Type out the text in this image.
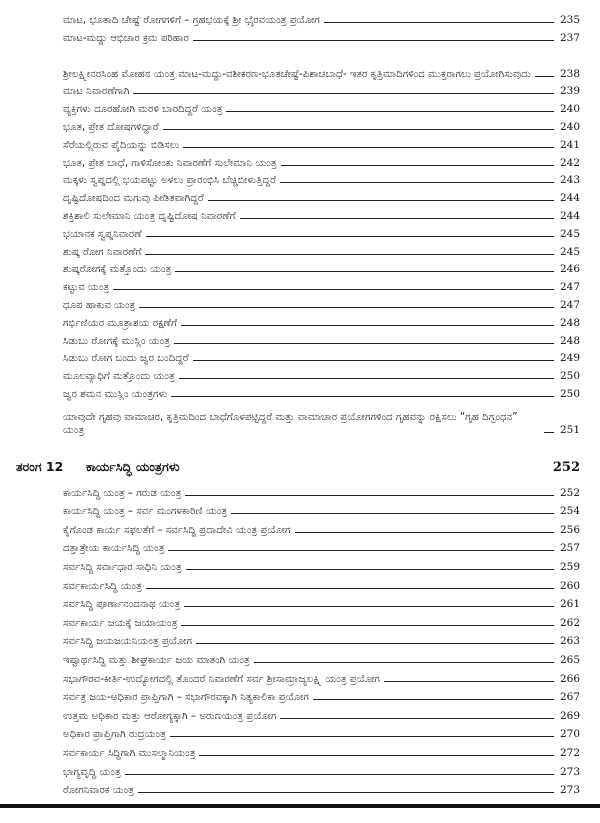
ಮಾಟ, ಭೂತಾದಿ ಚೇಷ್ಟೆ ರೋಗಗಳಿಗೆ – ಗ್ರಹಭಯಕ್ಕೆ ಶ್ರೀ ಭೈರವಯಂತ್ರ ಪ್ರಯೋಗ	235
ಮಾಟ-ಮದ್ದು ಆಭಿಚಾರ ಕ್ರಮ ಪರಿಹಾರ	237
ಶ್ರೀಲಕ್ಷ್ಮೀನರಸಿಂಹ ಮೋಹನ ಯಂತ್ರ ಮಾಟ-ಮದ್ದು-ವಶೀಕರಣ-ಭೂತಚೇಷ್ಟೆ-ಪಿಶಾಚಬಾಧೆ- ಇತರ ಕೃತ್ರಿಮಾದಿಗಳಿಂದ ಮುಕ್ತರಾಗಲು ಪ್ರಯೋಗಿಸುವುದು	238
ಮಾಟ ನಿವಾರಣೆಗಾಗಿ	239
ವ್ಯಕ್ತಿಗಳು ದೂರಹೋಗಿ ಮರಳಿ ಬಾರದಿದ್ದರೆ ಯಂತ್ರ	240
ಭೂತ, ಪ್ರೇತ ದೋಷಗಳಿದ್ದಾರೆ	240
ಸೆರೆಯಲ್ಲಿರುವ ಪೈದಿಯನ್ನು ಬಿಡಿಸಲು	241
ಭೂತ, ಪ್ರೇತ ಬಾಧೆ, ಗಾಳಿಸೋಂಕು ನಿವಾರಣೆಗೆ ಸುಲೇಮಾನಿ ಯಂತ್ರ	242
ಮಕ್ಕಳು ಸ್ವಪ್ನದಲ್ಲಿ ಭಯಪಟ್ಟು ಅಳಲು ಪ್ರಾರಂಭಿಸಿ ಬೆಚ್ಚಿಬೀಳುತ್ತಿದ್ದರೆ	243
ದೃಷ್ಟಿದೋಷದಿಂದ ಮಗುವು ಪೀಡಿತವಾಗಿದ್ದರೆ	244
ಶಕ್ತಿಶಾಲಿ ಸುಲೇಮಾನಿ ಯಂತ್ರ ದೃಷ್ಟಿದೋಷ ನಿವಾರಣೆಗೆ	244
ಭಯಾನಕ ಸ್ವಪ್ನನಿವಾರಣೆ	245
ಶುಷ್ಕ ರೋಗ ನಿವಾರಣೆಗೆ	245
ಶುಷ್ಕರೋಗಕ್ಕೆ ಮತ್ತೊಂದು ಯಂತ್ರ	246
ಕಟ್ಟುವ ಯಂತ್ರ	247
ಧೂಪ ಹಾಕುವ ಯಂತ್ರ	247
ಗರ್ಭಿಣಿಯರ ಮೂತ್ರಾಶಯ ರಕ್ಷಣೆಗೆ	248
ಸಿಡುಬು ರೋಗಕ್ಕೆ ಮುಸ್ಲಿಂ ಯಂತ್ರ	248
ಸಿಡುಬು ರೋಗ ಬಂದು ಜ್ವರ ಬಂದಿದ್ದರೆ	249
ಮೂಲವ್ಯಾಧಿಗೆ ಮತ್ತೊಂದು ಯಂತ್ರ	250
ಜ್ವರ ಶಮನ ಮುಸ್ಲಿಂ ಯಂತ್ರಗಳು	250
ಯಾವುದೇ ಗೃಹವು ವಾಮಾಚರ, ಕೃತ್ರಿಮದಿಂದ ಬಾಧೆಗೊಳಪಟ್ಟಿದ್ದರೆ ಮತ್ತು ವಾಮಾಚಾರ ಪ್ರಯೋಗಗಳಿಂದ ಗೃಹವನ್ನು ರಕ್ಷಿಸಲು “ಗೃಹ ದಿಗ್ಬಂಧನ” ಯಂತ್ರ	251
ತರಂಗ 12	ಕಾರ್ಯಸಿದ್ಧಿ ಯಂತ್ರಗಳು	252
ಕಾರ್ಯಸಿದ್ಧಿ ಯಂತ್ರ – ಗರುಡ ಯಂತ್ರ	252
ಕಾರ್ಯಸಿದ್ಧಿ ಯಂತ್ರ – ಸರ್ವ ಮಂಗಳಕಾರಿಣಿ ಯಂತ್ರ	254
ಕೈಗೊಂಡ ಕಾರ್ಯ ಸಫಲತೆಗೆ – ಸರ್ವಸಿದ್ಧಿ ಪ್ರದಾದೇವಿ ಯಂತ್ರ ಪ್ರಯೋಗ	256
ದತ್ತಾತ್ರೇಯ ಕಾರ್ಯಸಿದ್ಧಿ ಯಂತ್ರ	257
ಸರ್ವಸಿದ್ಧಿ ಸರ್ವಾಧಾರ ಸಾಧಿನಿ ಯಂತ್ರ	259
ಸರ್ವಕಾರ್ಯಸಿದ್ಧಿ ಯಂತ್ರ	260
ಸರ್ವಸಿದ್ಧಿ ಪೂರ್ಣಾನಂದನಾಥ ಯಂತ್ರ	261
ಸರ್ವಕಾರ್ಯ ಜಯಕ್ಕೆ ಜಯಾಯಂತ್ರ	262
ಸರ್ವಸಿದ್ಧಿ ಜಯಜಯನಿಯಂತ್ರ ಪ್ರಯೋಗ	263
ಇಷ್ಟಾರ್ಥಸಿದ್ಧಿ ಮತ್ತು ಶೀಘ್ರಕಾರ್ಯ ಜಯ ಮಾತಂಗಿ ಯಂತ್ರ	265
ಸಭಾಗೌರವ-ಕೀರ್ತಿ-ಉದ್ಯೋಗದಲ್ಲಿ ತೊಂದರೆ ನಿವಾರಣೆಗೆ ಸರ್ವ ಶ್ರೀಸಾಮ್ರಾಜ್ಯಲಕ್ಷ್ಮಿ ಯಂತ್ರ ಪ್ರಯೋಗ	266
ಸರ್ವತ್ರ ಜಯ-ಅಧಿಕಾರ ಪ್ರಾಪ್ತಿಗಾಗಿ – ಸಭಾಗೌರವಕ್ಕಾಗಿ ನಿತ್ಯಕಾಲಿಕಾ ಪ್ರಯೋಗ	267
ಉತ್ತಮ ಅಧಿಕಾರ ಮತ್ತು ಆರೋಗ್ಯಕ್ಕಾಗಿ – ಅರುಣಯಂತ್ರ ಪ್ರಯೋಗ	269
ಅಧಿಕಾರ ಪ್ರಾಪ್ತಿಗಾಗಿ ರುದ್ರಯಂತ್ರ	270
ಸರ್ವಕಾರ್ಯ ಸಿದ್ಧಿಗಾಗಿ ಮುಸಲ್ಮಾನಿಯಂತ್ರ	272
ಭಾಗ್ಯವೃದ್ಧಿ ಯಂತ್ರ	273
ರೋಗನಿವಾರಕ ಯಂತ್ರ	273
